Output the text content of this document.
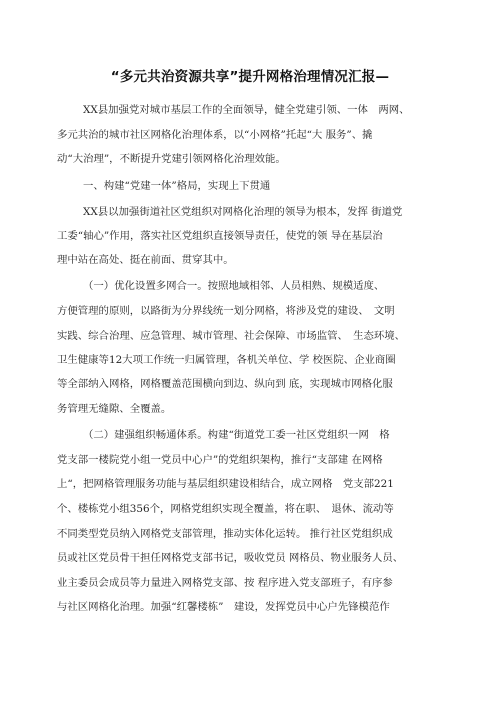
“多元共治资源共享”提升网格治理情况汇报—
XX县加强党对城市基层工作的全面领导，健全党建引领、一体　两网、
多元共治的城市社区网格化治理体系，以“小网格”托起“大 服务”、撬
动“大治理”，不断提升党建引领网格化治理效能。
一、构建“党建一体”格局，实现上下贯通
XX县以加强街道社区党组织对网格化治理的领导为根本，发挥 街道党
工委“轴心”作用，落实社区党组织直接领导责任，使党的领 导在基层治
理中站在高处、挺在前面、贯穿其中。
（一）优化设置多网合一。按照地域相邻、人员相熟、规模适度、
方便管理的原则，以路街为分界线统一划分网格，将涉及党的建设、　文明
实践、综合治理、应急管理、城市管理、社会保障、市场监管、　生态环境、
卫生健康等12大项工作统一归属管理，各机关单位、学 校医院、企业商圈
等全部纳入网格，网格覆盖范围横向到边、纵向到 底，实现城市网格化服
务管理无缝隙、全覆盖。
（二）建强组织畅通体系。构建“街道党工委一社区党组织一网　格
党支部一楼院党小组一党员中心户”的党组织架构，推行“支部建 在网格
上“，把网格管理服务功能与基层组织建设相结合，成立网格　党支部221
个、楼栋党小组356个，网格党组织实现全覆盖，将在职、　退休、流动等
不同类型党员纳入网格党支部管理，推动实体化运转。 推行社区党组织成
员或社区党员骨干担任网格党支部书记，吸收党员 网格员、物业服务人员、
业主委员会成员等力量进入网格党支部、按 程序进入党支部班子，有序参
与社区网格化治理。加强“红馨楼栋”　建设，发挥党员中心户先锋模范作
